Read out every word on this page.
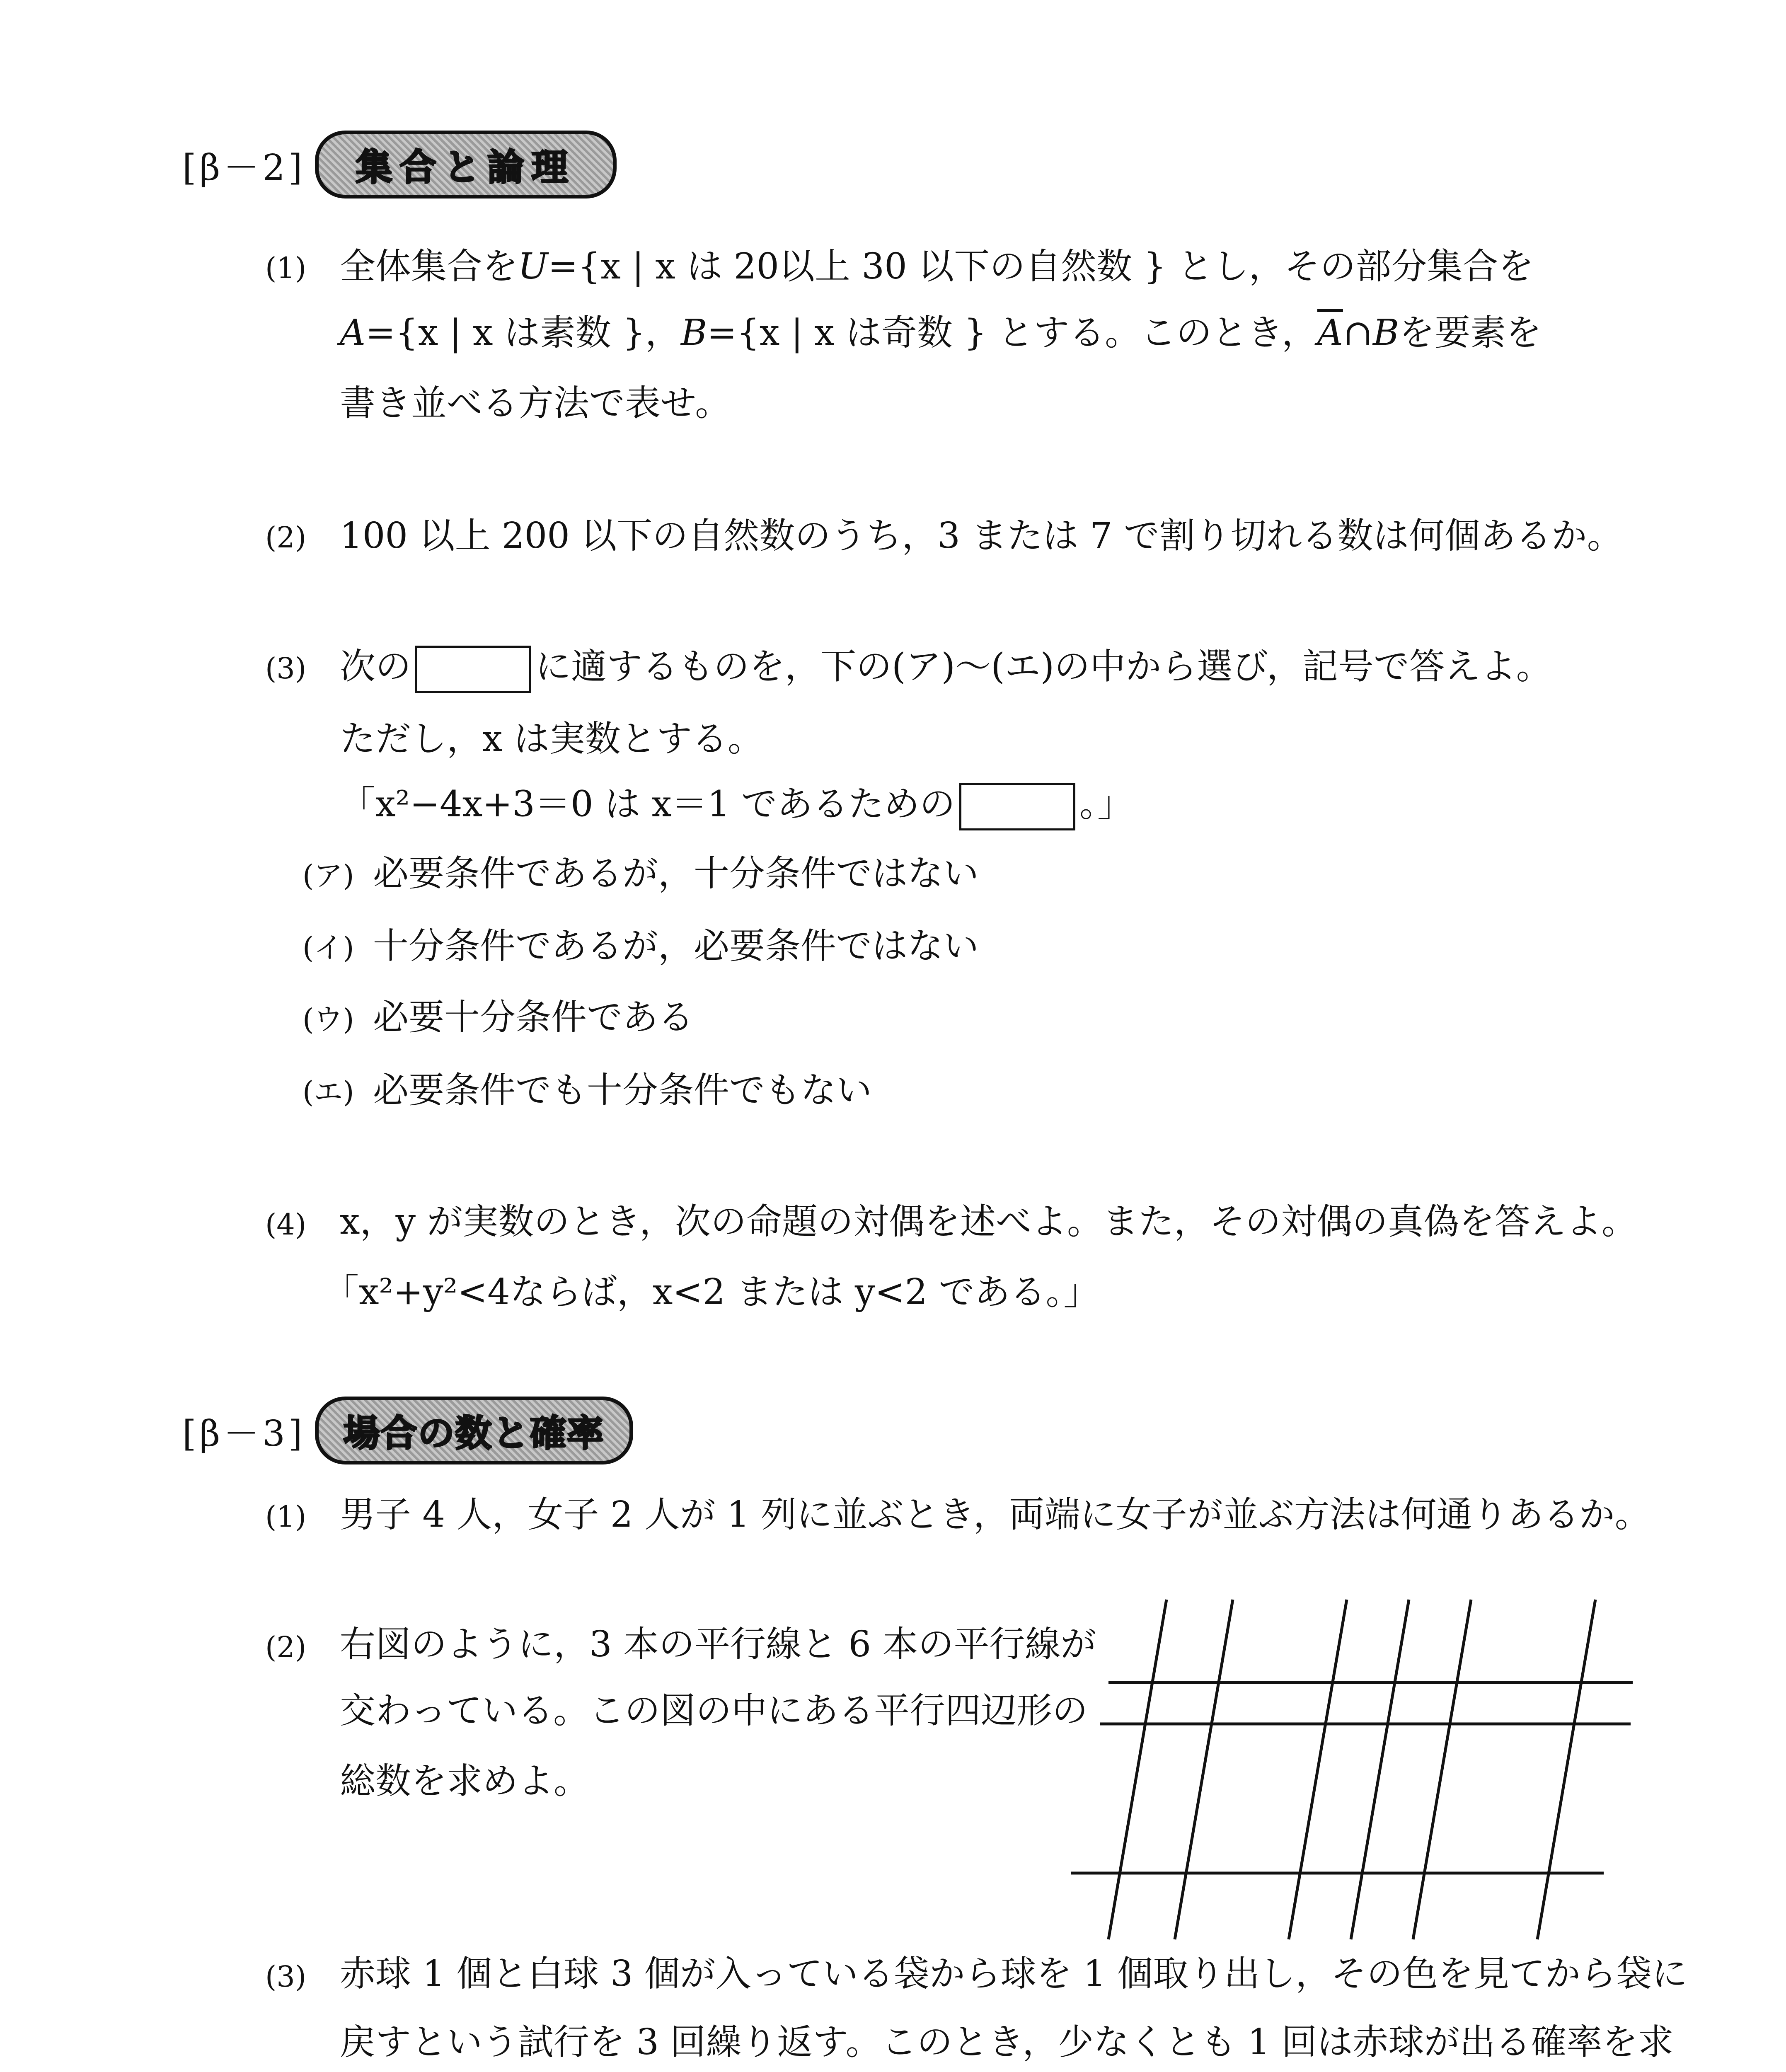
[β－2]	集合と論理
(1) 全体集合をU={x | x は 20以上 30 以下の自然数 } とし，その部分集合を
A={x | x は素数 }，B={x | x は奇数 } とする。このとき，$\overline{A}\cap B$を要素を
書き並べる方法で表せ。
(2) 100 以上 200 以下の自然数のうち，3 または 7 で割り切れる数は何個あるか。
(3) 次の	に適するものを，下の(ア)〜(エ)の中から選び，記号で答えよ。
ただし，x は実数とする。
「x²−4x+3＝0 は x＝1 であるための	。」
(ア) 必要条件であるが，十分条件ではない
(イ) 十分条件であるが，必要条件ではない
(ウ) 必要十分条件である
(エ) 必要条件でも十分条件でもない
(4) x，y が実数のとき，次の命題の対偶を述べよ。また，その対偶の真偽を答えよ。
「x²+y²<4ならば，x<2 または y<2 である。」
[β－3]	場合の数と確率
(1) 男子 4 人，女子 2 人が 1 列に並ぶとき，両端に女子が並ぶ方法は何通りあるか。
(2) 右図のように，3 本の平行線と 6 本の平行線が
交わっている。この図の中にある平行四辺形の
総数を求めよ。
(3) 赤球 1 個と白球 3 個が入っている袋から球を 1 個取り出し，その色を見てから袋に
戻すという試行を 3 回繰り返す。このとき，少なくとも 1 回は赤球が出る確率を求
